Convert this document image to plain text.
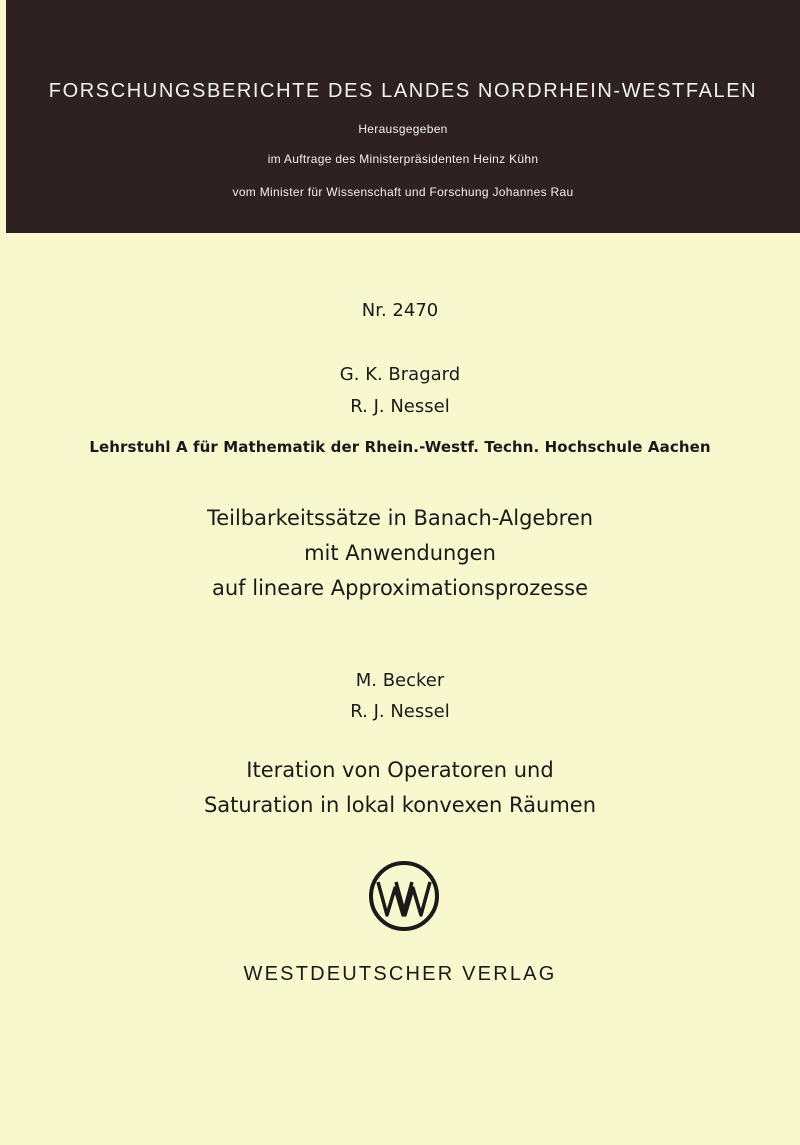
FORSCHUNGSBERICHTE DES LANDES NORDRHEIN-WESTFALEN
Herausgegeben
im Auftrage des Ministerpräsidenten Heinz Kühn
vom Minister für Wissenschaft und Forschung Johannes Rau
Nr. 2470
G. K. Bragard
R. J. Nessel
Lehrstuhl A für Mathematik der Rhein.-Westf. Techn. Hochschule Aachen
Teilbarkeitssätze in Banach-Algebren
mit Anwendungen
auf lineare Approximationsprozesse
M. Becker
R. J. Nessel
Iteration von Operatoren und
Saturation in lokal konvexen Räumen
WESTDEUTSCHER VERLAG
